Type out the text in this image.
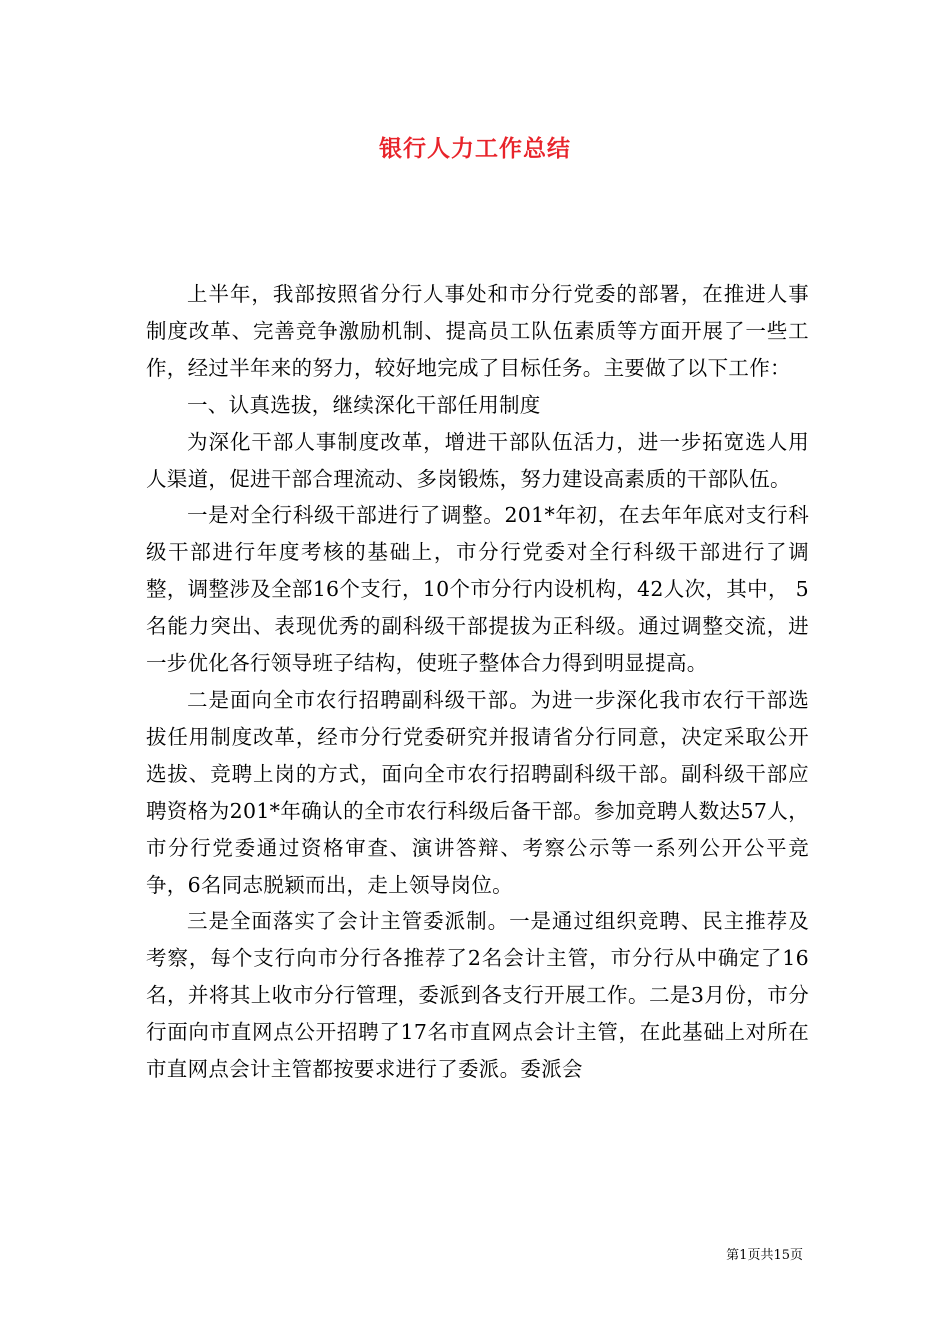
银行人力工作总结

上半年，我部按照省分行人事处和市分行党委的部署，在推进人事制度改革、完善竞争激励机制、提高员工队伍素质等方面开展了一些工作，经过半年来的努力，较好地完成了目标任务。主要做了以下工作：

一、认真选拔，继续深化干部任用制度

为深化干部人事制度改革，增进干部队伍活力，进一步拓宽选人用人渠道，促进干部合理流动、多岗锻炼，努力建设高素质的干部队伍。

一是对全行科级干部进行了调整。201*年初，在去年年底对支行科级干部进行年度考核的基础上，市分行党委对全行科级干部进行了调整，调整涉及全部16个支行，10个市分行内设机构，42人次，其中， 5名能力突出、表现优秀的副科级干部提拔为正科级。通过调整交流，进一步优化各行领导班子结构，使班子整体合力得到明显提高。

二是面向全市农行招聘副科级干部。为进一步深化我市农行干部选拔任用制度改革，经市分行党委研究并报请省分行同意，决定采取公开选拔、竞聘上岗的方式，面向全市农行招聘副科级干部。副科级干部应聘资格为201*年确认的全市农行科级后备干部。参加竞聘人数达57人，市分行党委通过资格审查、演讲答辩、考察公示等一系列公开公平竞争，6名同志脱颖而出，走上领导岗位。

三是全面落实了会计主管委派制。一是通过组织竞聘、民主推荐及考察，每个支行向市分行各推荐了2名会计主管，市分行从中确定了16名，并将其上收市分行管理，委派到各支行开展工作。二是3月份，市分行面向市直网点公开招聘了17名市直网点会计主管，在此基础上对所在市直网点会计主管都按要求进行了委派。委派会

第1页共15页
